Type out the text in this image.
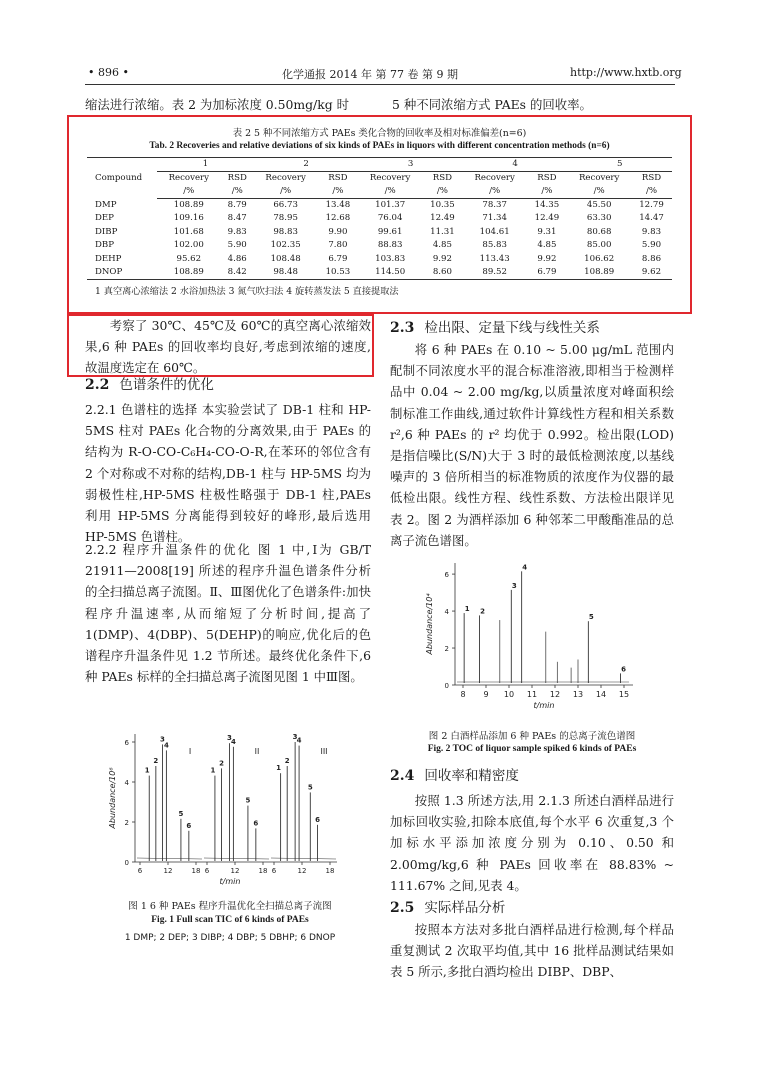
• 896 •	化学通报 2014 年 第 77 卷 第 9 期	http://www.hxtb.org
缩法进行浓缩。表 2 为加标浓度 0.50mg/kg 时	5 种不同浓缩方式 PAEs 的回收率。
表 2 5 种不同浓缩方式 PAEs 类化合物的回收率及相对标准偏差(n=6)
Tab. 2 Recoveries and relative deviations of six kinds of PAEs in liquors with different concentration methods (n=6)
Compound	1		2		3		4		5	
	Recovery	RSD	Recovery	RSD	Recovery	RSD	Recovery	RSD	Recovery	RSD
	/%	/%	/%	/%	/%	/%	/%	/%	/%	/%
DMP	108.89	8.79	66.73	13.48	101.37	10.35	78.37	14.35	45.50	12.79
DEP	109.16	8.47	78.95	12.68	76.04	12.49	71.34	12.49	63.30	14.47
DIBP	101.68	9.83	98.83	9.90	99.61	11.31	104.61	9.31	80.68	9.83
DBP	102.00	5.90	102.35	7.80	88.83	4.85	85.83	4.85	85.00	5.90
DEHP	95.62	4.86	108.48	6.79	103.83	9.92	113.43	9.92	106.62	8.86
DNOP	108.89	8.42	98.48	10.53	114.50	8.60	89.52	6.79	108.89	9.62
1 真空离心浓缩法 2 水浴加热法 3 氮气吹扫法 4 旋转蒸发法 5 直接提取法
考察了 30℃、45℃及 60℃的真空离心浓缩效果,6 种 PAEs 的回收率均良好,考虑到浓缩的速度,故温度选定在 60℃。
2.2 色谱条件的优化
2.2.1 色谱柱的选择 本实验尝试了 DB-1 柱和 HP-5MS 柱对 PAEs 化合物的分离效果,由于 PAEs 的结构为 R-O-CO-C₆H₄-CO-O-R,在苯环的邻位含有 2 个对称或不对称的结构,DB-1 柱与 HP-5MS 均为弱极性柱,HP-5MS 柱极性略强于 DB-1 柱,PAEs 利用 HP-5MS 分离能得到较好的峰形,最后选用 HP-5MS 色谱柱。
2.2.2 程序升温条件的优化 图 1 中,Ⅰ为 GB/T 21911—2008[19] 所述的程序升温色谱条件分析的全扫描总离子流图。Ⅱ、Ⅲ图优化了色谱条件:加快程序升温速率,从而缩短了分析时间,提高了 1(DMP)、4(DBP)、5(DEHP)的响应,优化后的色谱程序升温条件见 1.2 节所述。最终优化条件下,6 种 PAEs 标样的全扫描总离子流图见图 1 中Ⅲ图。
0
2
4
6
6	12	18 6	12	18 6	12	18
Abundance/10⁶
t/min
1
2
3
4
5
6
I
1
2
3 4
5
6
II
1
2
3 4
5
6
III
图 1 6 种 PAEs 程序升温优化全扫描总离子流图
Fig. 1 Full scan TIC of 6 kinds of PAEs
1 DMP; 2 DEP; 3 DIBP; 4 DBP; 5 DBHP; 6 DNOP
2.3 检出限、定量下线与线性关系
将 6 种 PAEs 在 0.10 ~ 5.00 μg/mL 范围内配制不同浓度水平的混合标准溶液,即相当于检测样品中 0.04 ~ 2.00 mg/kg,以质量浓度对峰面积绘制标准工作曲线,通过软件计算线性方程和相关系数 r²,6 种 PAEs 的 r² 均优于 0.992。检出限(LOD)是指信噪比(S/N)大于 3 时的最低检测浓度,以基线噪声的 3 倍所相当的标准物质的浓度作为仪器的最低检出限。线性方程、线性系数、方法检出限详见表 2。图 2 为酒样添加 6 种邻苯二甲酸酯准品的总离子流色谱图。
0
2
4
6
8 9 10 11 12 13 14 15
Abundance/10⁴
t/min
1 2
3
4
5
6
图 2 白酒样品添加 6 种 PAEs 的总离子流色谱图
Fig. 2 TOC of liquor sample spiked 6 kinds of PAEs
2.4 回收率和精密度
按照 1.3 所述方法,用 2.1.3 所述白酒样品进行加标回收实验,扣除本底值,每个水平 6 次重复,3 个加标水平添加浓度分别为 0.10、0.50 和 2.00mg/kg,6 种 PAEs 回收率在 88.83% ~ 111.67% 之间,见表 4。
2.5 实际样品分析
按照本方法对多批白酒样品进行检测,每个样品重复测试 2 次取平均值,其中 16 批样品测试结果如表 5 所示,多批白酒均检出 DIBP、DBP、
